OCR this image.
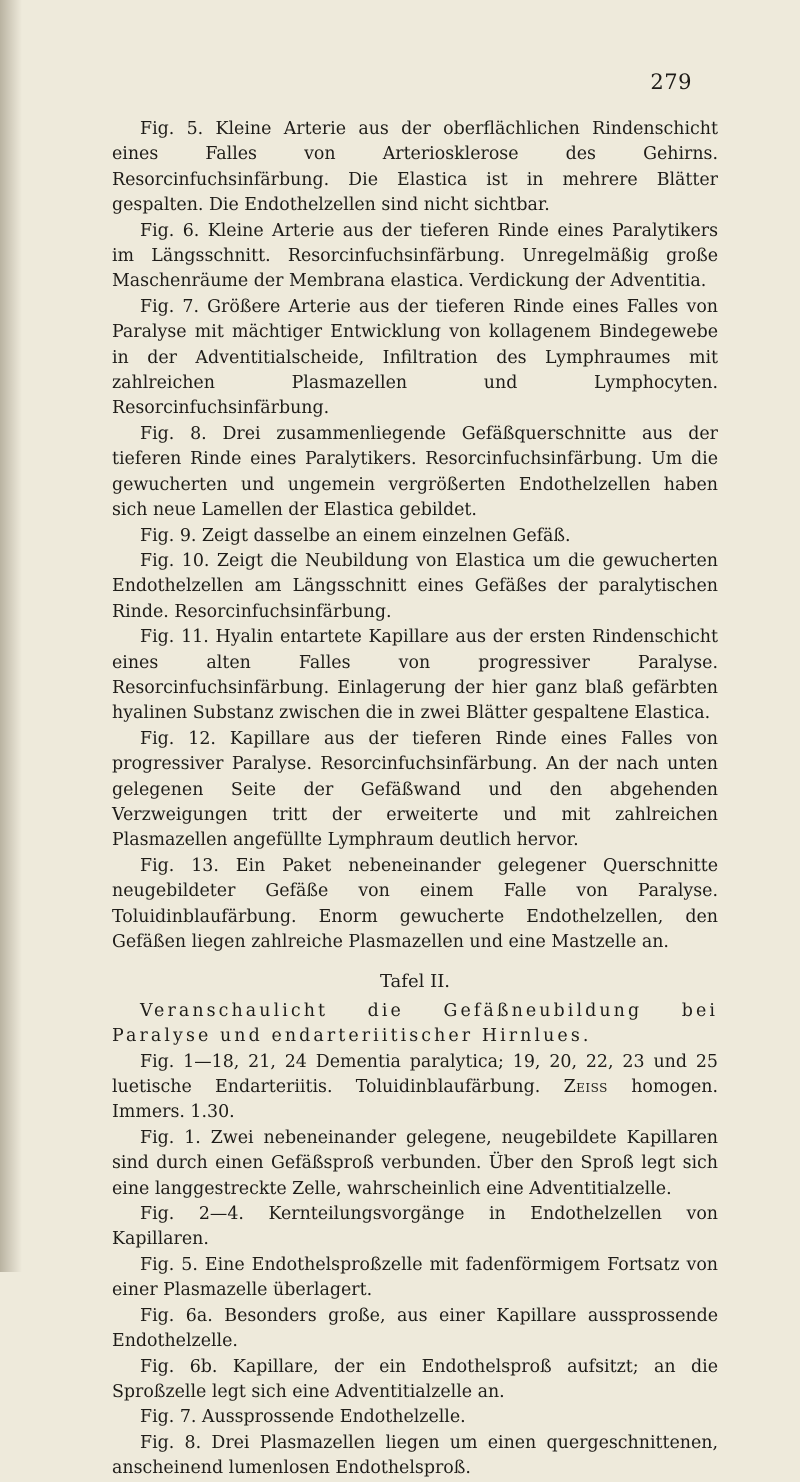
279

Fig. 5. Kleine Arterie aus der oberflächlichen Rindenschicht eines Falles von Arteriosklerose des Gehirns. Resorcinfuchsinfärbung. Die Elastica ist in mehrere Blätter gespalten. Die Endothelzellen sind nicht sichtbar.

Fig. 6. Kleine Arterie aus der tieferen Rinde eines Paralytikers im Längsschnitt. Resorcinfuchsinfärbung. Unregelmäßig große Maschenräume der Membrana elastica. Verdickung der Adventitia.

Fig. 7. Größere Arterie aus der tieferen Rinde eines Falles von Paralyse mit mächtiger Entwicklung von kollagenem Bindegewebe in der Adventitialscheide, Infiltration des Lymphraumes mit zahlreichen Plasmazellen und Lymphocyten. Resorcinfuchsinfärbung.

Fig. 8. Drei zusammenliegende Gefäßquerschnitte aus der tieferen Rinde eines Paralytikers. Resorcinfuchsinfärbung. Um die gewucherten und ungemein vergrößerten Endothelzellen haben sich neue Lamellen der Elastica gebildet.

Fig. 9. Zeigt dasselbe an einem einzelnen Gefäß.

Fig. 10. Zeigt die Neubildung von Elastica um die gewucherten Endothelzellen am Längsschnitt eines Gefäßes der paralytischen Rinde. Resorcinfuchsinfärbung.

Fig. 11. Hyalin entartete Kapillare aus der ersten Rindenschicht eines alten Falles von progressiver Paralyse. Resorcinfuchsinfärbung. Einlagerung der hier ganz blaß gefärbten hyalinen Substanz zwischen die in zwei Blätter gespaltene Elastica.

Fig. 12. Kapillare aus der tieferen Rinde eines Falles von progressiver Paralyse. Resorcinfuchsinfärbung. An der nach unten gelegenen Seite der Gefäßwand und den abgehenden Verzweigungen tritt der erweiterte und mit zahlreichen Plasmazellen angefüllte Lymphraum deutlich hervor.

Fig. 13. Ein Paket nebeneinander gelegener Querschnitte neugebildeter Gefäße von einem Falle von Paralyse. Toluidinblaufärbung. Enorm gewucherte Endothelzellen, den Gefäßen liegen zahlreiche Plasmazellen und eine Mastzelle an.

Tafel II.

Veranschaulicht die Gefäßneubildung bei Paralyse und endarteriitischer Hirnlues.

Fig. 1—18, 21, 24 Dementia paralytica; 19, 20, 22, 23 und 25 luetische Endarteriitis. Toluidinblaufärbung. Zeiss homogen. Immers. 1.30.

Fig. 1. Zwei nebeneinander gelegene, neugebildete Kapillaren sind durch einen Gefäßsproß verbunden. Über den Sproß legt sich eine langgestreckte Zelle, wahrscheinlich eine Adventitialzelle.

Fig. 2—4. Kernteilungsvorgänge in Endothelzellen von Kapillaren.

Fig. 5. Eine Endothelsproßzelle mit fadenförmigem Fortsatz von einer Plasmazelle überlagert.

Fig. 6a. Besonders große, aus einer Kapillare aussprossende Endothelzelle.

Fig. 6b. Kapillare, der ein Endothelsproß aufsitzt; an die Sproßzelle legt sich eine Adventitialzelle an.

Fig. 7. Aussprossende Endothelzelle.

Fig. 8. Drei Plasmazellen liegen um einen quergeschnittenen, anscheinend lumenlosen Endothelsproß.
